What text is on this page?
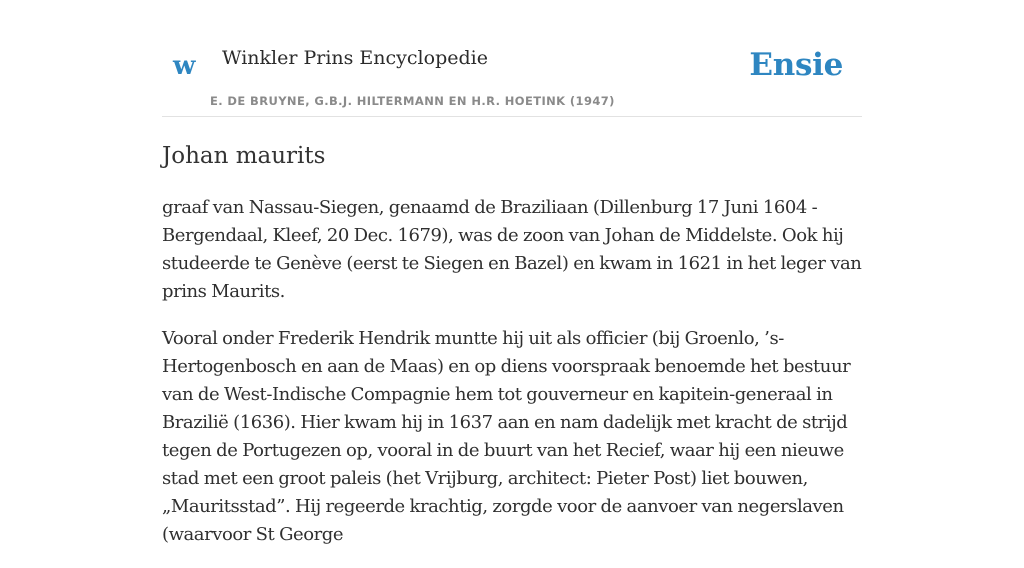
w Winkler Prins Encyclopedie
E. DE BRUYNE, G.B.J. HILTERMANN EN H.R. HOETINK (1947)
Ensie
Johan maurits

graaf van Nassau-Siegen, genaamd de Braziliaan (Dillenburg 17 Juni 1604 - Bergendaal, Kleef, 20 Dec. 1679), was de zoon van Johan de Middelste. Ook hij studeerde te Genève (eerst te Siegen en Bazel) en kwam in 1621 in het leger van prins Maurits.

Vooral onder Frederik Hendrik muntte hij uit als officier (bij Groenlo, ’s-Hertogenbosch en aan de Maas) en op diens voorspraak benoemde het bestuur van de West-Indische Compagnie hem tot gouverneur en kapitein-generaal in Brazilië (1636). Hier kwam hij in 1637 aan en nam dadelijk met kracht de strijd tegen de Portugezen op, vooral in de buurt van het Recief, waar hij een nieuwe stad met een groot paleis (het Vrijburg, architect: Pieter Post) liet bouwen, „Mauritsstad”. Hij regeerde krachtig, zorgde voor de aanvoer van negerslaven (waarvoor St George
